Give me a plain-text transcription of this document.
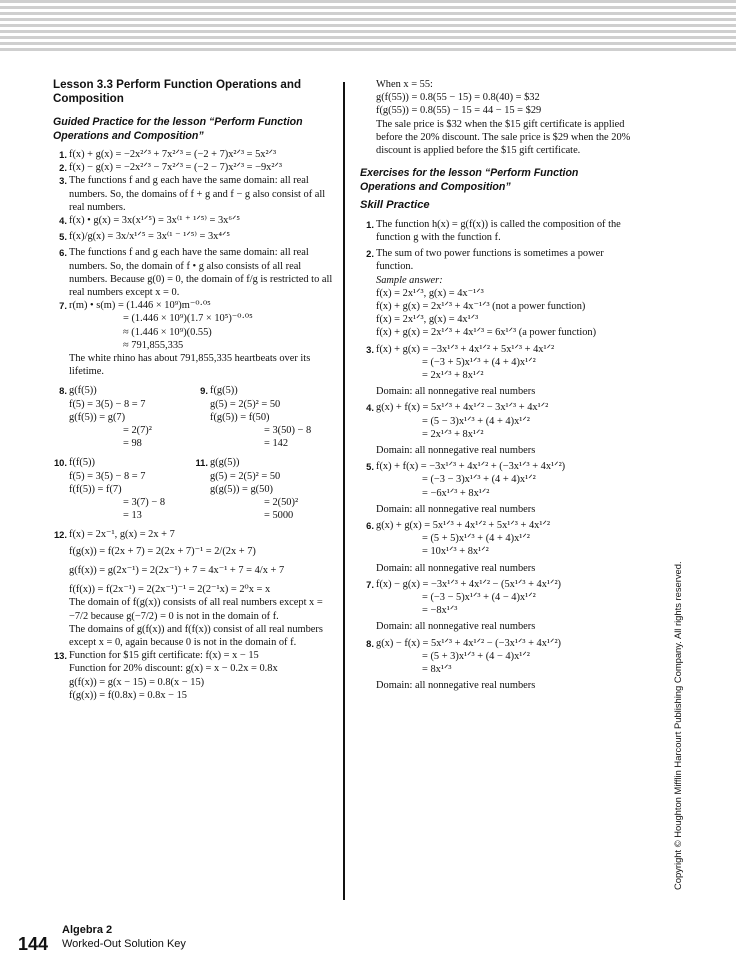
Lesson 3.3 Perform Function Operations and Composition
Guided Practice for the lesson “Perform Function Operations and Composition”
1. f(x) + g(x) = −2x²ᐟ³ + 7x²ᐟ³ = (−2 + 7)x²ᐟ³ = 5x²ᐟ³
2. f(x) − g(x) = −2x²ᐟ³ − 7x²ᐟ³ = (−2 − 7)x²ᐟ³ = −9x²ᐟ³
3. The functions f and g each have the same domain: all real numbers. So, the domains of f + g and f − g also consist of all real numbers.
4. f(x) • g(x) = 3x(x¹ᐟ⁵) = 3x⁽¹ ⁺ ¹ᐟ⁵⁾ = 3x⁶ᐟ⁵
5. f(x)/g(x) = 3x/x¹ᐟ⁵ = 3x⁽¹ ⁻ ¹ᐟ⁵⁾ = 3x⁴ᐟ⁵
6. The functions f and g each have the same domain: all real numbers. So, the domain of f • g also consists of all real numbers. Because g(0) = 0, the domain of f/g is restricted to all real numbers except x = 0.
7. r(m) • s(m) = (1.446 × 10⁹)m⁻⁰·⁰⁵
= (1.446 × 10⁹)(1.7 × 10⁵)⁻⁰·⁰⁵
≈ (1.446 × 10⁹)(0.55)
≈ 791,855,335
The white rhino has about 791,855,335 heartbeats over its lifetime.
8. g(f(5))
f(5) = 3(5) − 8 = 7
g(f(5)) = g(7)
= 2(7)²
= 98
9. f(g(5))
g(5) = 2(5)² = 50
f(g(5)) = f(50)
= 3(50) − 8
= 142
10. f(f(5))
f(5) = 3(5) − 8 = 7
f(f(5)) = f(7)
= 3(7) − 8
= 13
11. g(g(5))
g(5) = 2(5)² = 50
g(g(5)) = g(50)
= 2(50)²
= 5000
12. f(x) = 2x⁻¹, g(x) = 2x + 7
f(g(x)) = f(2x + 7) = 2(2x + 7)⁻¹ = 2/(2x + 7)
g(f(x)) = g(2x⁻¹) = 2(2x⁻¹) + 7 = 4x⁻¹ + 7 = 4/x + 7
f(f(x)) = f(2x⁻¹) = 2(2x⁻¹)⁻¹ = 2(2⁻¹x) = 2⁰x = x
The domain of f(g(x)) consists of all real numbers except x = −7/2 because g(−7/2) = 0 is not in the domain of f.
The domains of g(f(x)) and f(f(x)) consist of all real numbers except x = 0, again because 0 is not in the domain of f.
13. Function for $15 gift certificate: f(x) = x − 15
Function for 20% discount: g(x) = x − 0.2x = 0.8x
g(f(x)) = g(x − 15) = 0.8(x − 15)
f(g(x)) = f(0.8x) = 0.8x − 15
When x = 55:
g(f(55)) = 0.8(55 − 15) = 0.8(40) = $32
f(g(55)) = 0.8(55) − 15 = 44 − 15 = $29
The sale price is $32 when the $15 gift certificate is applied before the 20% discount. The sale price is $29 when the 20% discount is applied before the $15 gift certificate.
Exercises for the lesson “Perform Function Operations and Composition”
Skill Practice
1. The function h(x) = g(f(x)) is called the composition of the function g with the function f.
2. The sum of two power functions is sometimes a power function.
Sample answer:
f(x) = 2x¹ᐟ³, g(x) = 4x⁻¹ᐟ³
f(x) + g(x) = 2x¹ᐟ³ + 4x⁻¹ᐟ³ (not a power function)
f(x) = 2x¹ᐟ³, g(x) = 4x¹ᐟ³
f(x) + g(x) = 2x¹ᐟ³ + 4x¹ᐟ³ = 6x¹ᐟ³ (a power function)
3. f(x) + g(x) = −3x¹ᐟ³ + 4x¹ᐟ² + 5x¹ᐟ³ + 4x¹ᐟ²
= (−3 + 5)x¹ᐟ³ + (4 + 4)x¹ᐟ²
= 2x¹ᐟ³ + 8x¹ᐟ²
Domain: all nonnegative real numbers
4. g(x) + f(x) = 5x¹ᐟ³ + 4x¹ᐟ² − 3x¹ᐟ³ + 4x¹ᐟ²
= (5 − 3)x¹ᐟ³ + (4 + 4)x¹ᐟ²
= 2x¹ᐟ³ + 8x¹ᐟ²
Domain: all nonnegative real numbers
5. f(x) + f(x) = −3x¹ᐟ³ + 4x¹ᐟ² + (−3x¹ᐟ³ + 4x¹ᐟ²)
= (−3 − 3)x¹ᐟ³ + (4 + 4)x¹ᐟ²
= −6x¹ᐟ³ + 8x¹ᐟ²
Domain: all nonnegative real numbers
6. g(x) + g(x) = 5x¹ᐟ³ + 4x¹ᐟ² + 5x¹ᐟ³ + 4x¹ᐟ²
= (5 + 5)x¹ᐟ³ + (4 + 4)x¹ᐟ²
= 10x¹ᐟ³ + 8x¹ᐟ²
Domain: all nonnegative real numbers
7. f(x) − g(x) = −3x¹ᐟ³ + 4x¹ᐟ² − (5x¹ᐟ³ + 4x¹ᐟ²)
= (−3 − 5)x¹ᐟ³ + (4 − 4)x¹ᐟ²
= −8x¹ᐟ³
Domain: all nonnegative real numbers
8. g(x) − f(x) = 5x¹ᐟ³ + 4x¹ᐟ² − (−3x¹ᐟ³ + 4x¹ᐟ²)
= (5 + 3)x¹ᐟ³ + (4 − 4)x¹ᐟ²
= 8x¹ᐟ³
Domain: all nonnegative real numbers	Copyright © Houghton Mifflin Harcourt Publishing Company. All rights reserved.
144
Algebra 2
Worked-Out Solution Key
